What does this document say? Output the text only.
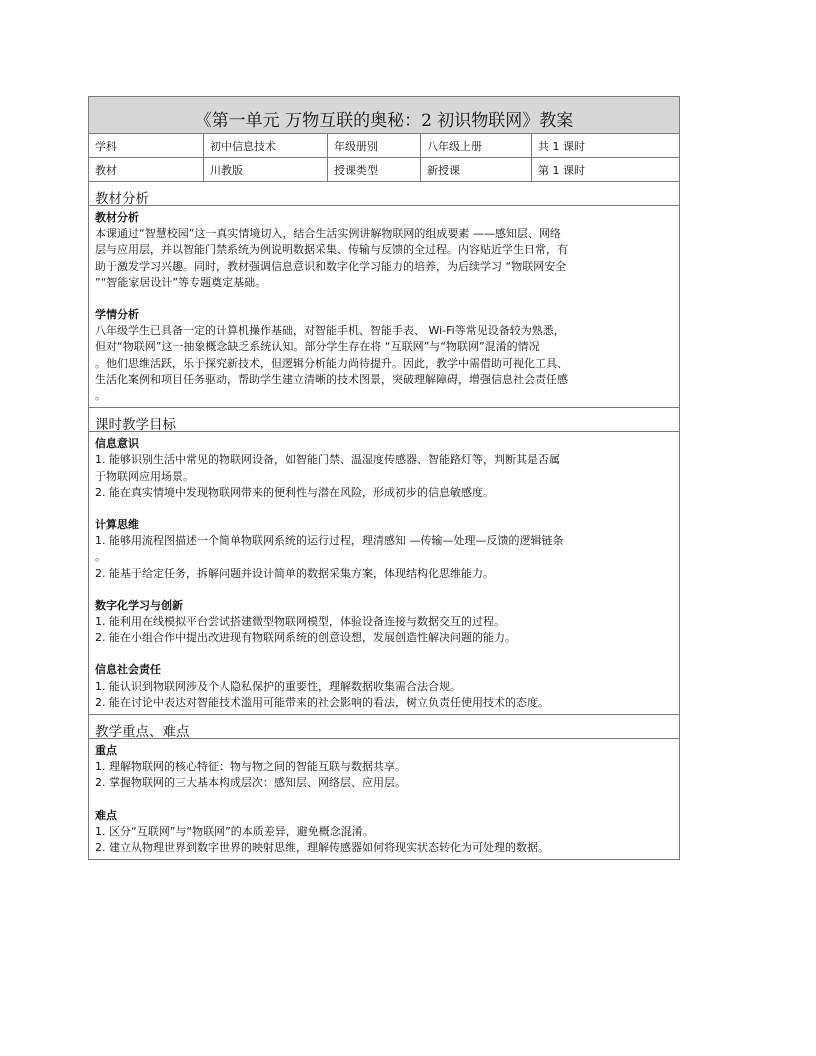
《第一单元 万物互联的奥秘：2 初识物联网》教案
学科	初中信息技术	年级册别	八年级上册	共 1 课时
教材	川教版	授课类型	新授课	第 1 课时
教材分析
教材分析
本课通过“智慧校园”这一真实情境切入，结合生活实例讲解物联网的组成要素 ——感知层、网络
层与应用层，并以智能门禁系统为例说明数据采集、传输与反馈的全过程。内容贴近学生日常，有
助于激发学习兴趣。同时，教材强调信息意识和数字化学习能力的培养，为后续学习 “物联网安全
”“智能家居设计”等专题奠定基础。
学情分析
八年级学生已具备一定的计算机操作基础，对智能手机、智能手表、 Wi-Fi等常见设备较为熟悉，
但对“物联网”这一抽象概念缺乏系统认知。部分学生存在将 “互联网”与“物联网”混淆的情况
。他们思维活跃，乐于探究新技术，但逻辑分析能力尚待提升。因此，教学中需借助可视化工具、
生活化案例和项目任务驱动，帮助学生建立清晰的技术图景，突破理解障碍，增强信息社会责任感
。
课时教学目标
信息意识
1. 能够识别生活中常见的物联网设备，如智能门禁、温湿度传感器、智能路灯等，判断其是否属
于物联网应用场景。
2. 能在真实情境中发现物联网带来的便利性与潜在风险，形成初步的信息敏感度。
计算思维
1. 能够用流程图描述一个简单物联网系统的运行过程，理清感知 —传输—处理—反馈的逻辑链条
。
2. 能基于给定任务，拆解问题并设计简单的数据采集方案，体现结构化思维能力。
数字化学习与创新
1. 能利用在线模拟平台尝试搭建微型物联网模型，体验设备连接与数据交互的过程。
2. 能在小组合作中提出改进现有物联网系统的创意设想，发展创造性解决问题的能力。
信息社会责任
1. 能认识到物联网涉及个人隐私保护的重要性，理解数据收集需合法合规。
2. 能在讨论中表达对智能技术滥用可能带来的社会影响的看法，树立负责任使用技术的态度。
教学重点、难点
重点
1. 理解物联网的核心特征：物与物之间的智能互联与数据共享。
2. 掌握物联网的三大基本构成层次：感知层、网络层、应用层。
难点
1. 区分“互联网”与“物联网”的本质差异，避免概念混淆。
2. 建立从物理世界到数字世界的映射思维，理解传感器如何将现实状态转化为可处理的数据。
